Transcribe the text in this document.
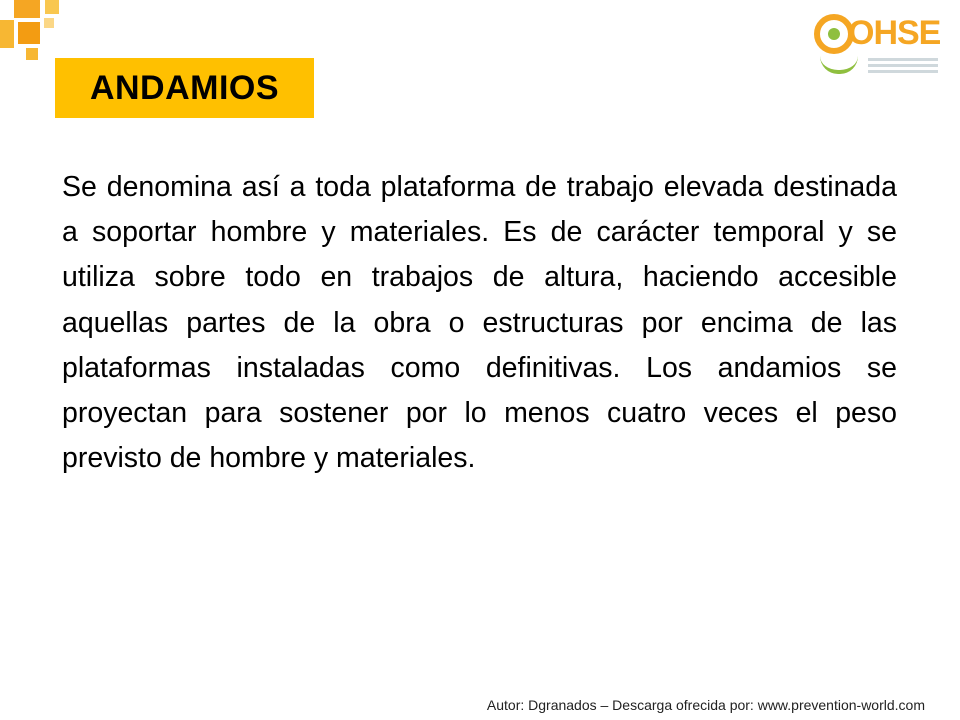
OHSE
ANDAMIOS
Se denomina así a toda plataforma de trabajo elevada destinada a soportar hombre y materiales. Es de carácter temporal y se utiliza sobre todo en trabajos de altura, haciendo accesible aquellas partes de la obra o estructuras por encima de las plataformas instaladas como definitivas. Los andamios se proyectan para sostener por lo menos cuatro veces el peso previsto de hombre y materiales.
Autor: Dgranados – Descarga ofrecida por: www.prevention-world.com
